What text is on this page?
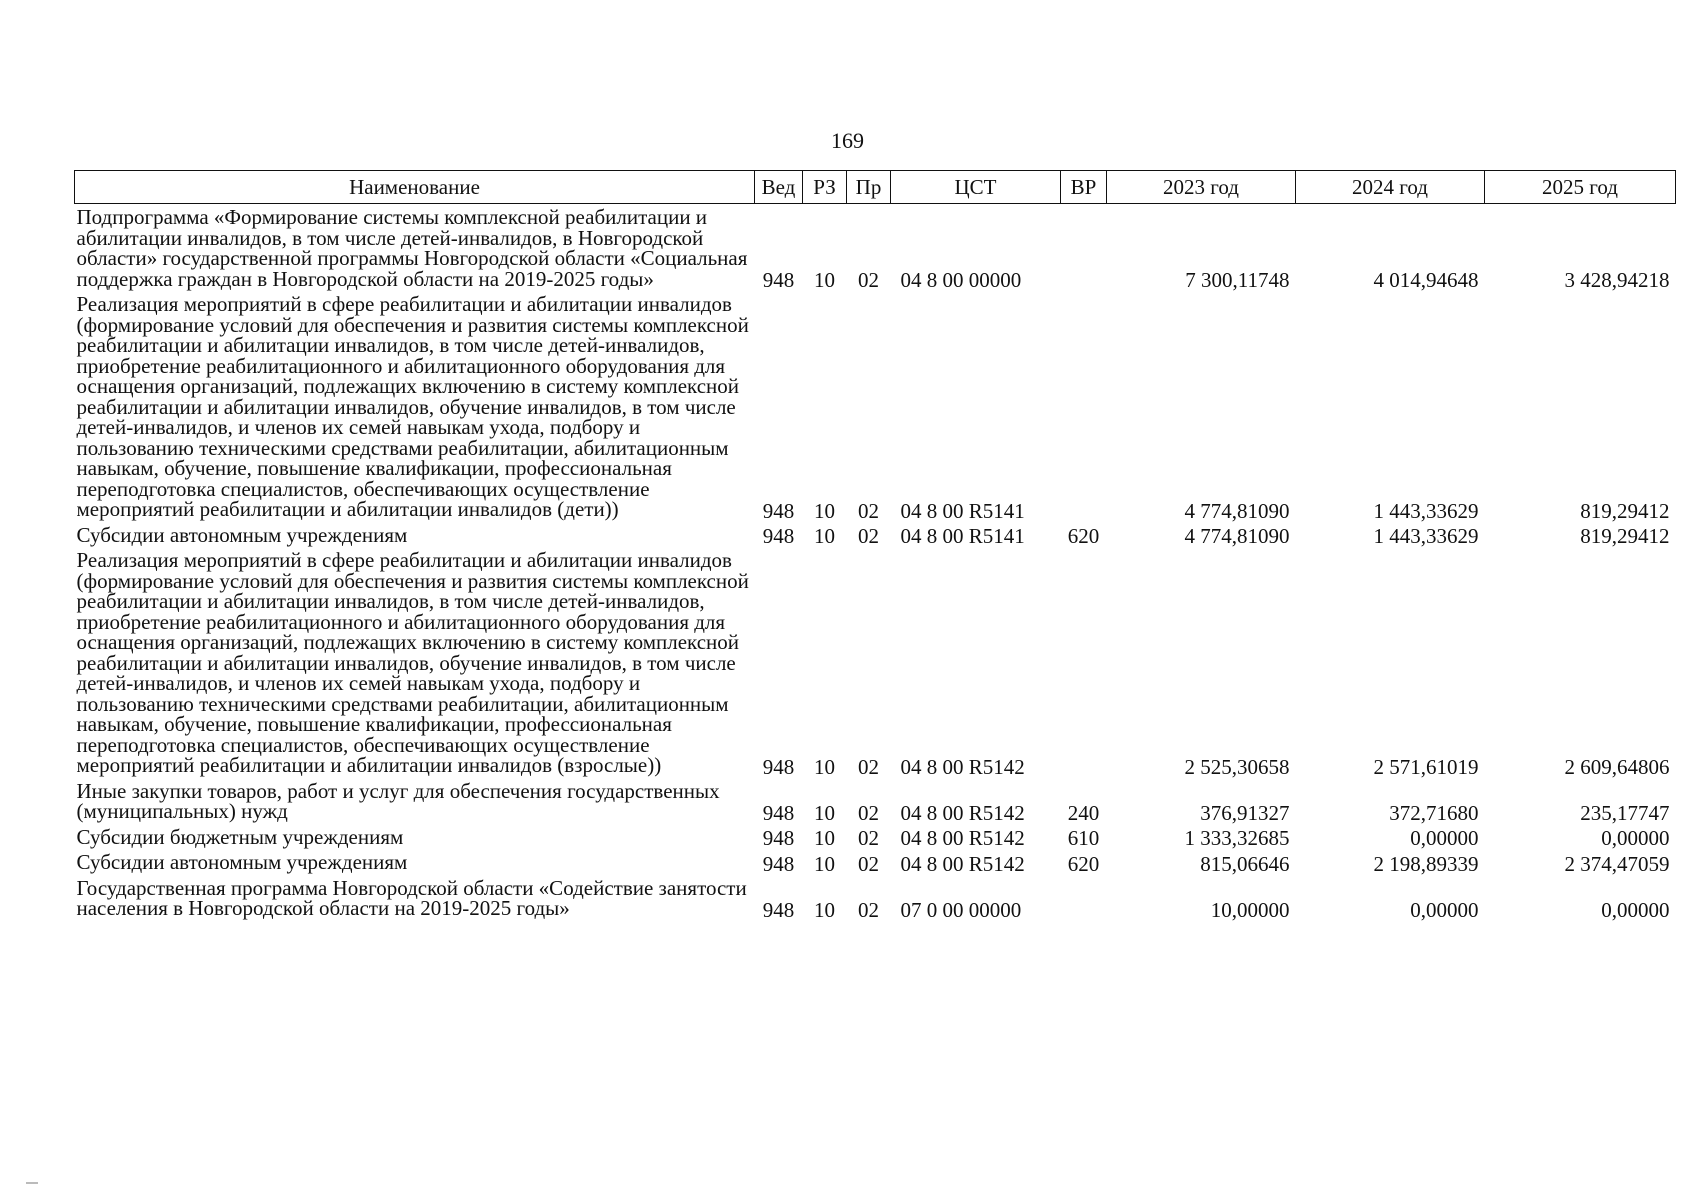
169
Наименование	Вед	РЗ	Пр	ЦСТ	ВР	2023 год	2024 год	2025 год
Подпрограмма «Формирование системы комплексной реабилитации и абилитации инвалидов, в том числе детей-инвалидов, в Новгородской области» государственной программы Новгородской области «Социальная поддержка граждан в Новгородской области на 2019-2025 годы»	948	10	02	04 8 00 00000		7 300,11748	4 014,94648	3 428,94218
Реализация мероприятий в сфере реабилитации и абилитации инвалидов (формирование условий для обеспечения и развития системы комплексной реабилитации и абилитации инвалидов, в том числе детей-инвалидов, приобретение реабилитационного и абилитационного оборудования для оснащения организаций, подлежащих включению в систему комплексной реабилитации и абилитации инвалидов, обучение инвалидов, в том числе детей-инвалидов, и членов их семей навыкам ухода, подбору и пользованию техническими средствами реабилитации, абилитационным навыкам, обучение, повышение квалификации, профессиональная переподготовка специалистов, обеспечивающих осуществление мероприятий реабилитации и абилитации инвалидов (дети))	948	10	02	04 8 00 R5141		4 774,81090	1 443,33629	819,29412
Субсидии автономным учреждениям	948	10	02	04 8 00 R5141	620	4 774,81090	1 443,33629	819,29412
Реализация мероприятий в сфере реабилитации и абилитации инвалидов (формирование условий для обеспечения и развития системы комплексной реабилитации и абилитации инвалидов, в том числе детей-инвалидов, приобретение реабилитационного и абилитационного оборудования для оснащения организаций, подлежащих включению в систему комплексной реабилитации и абилитации инвалидов, обучение инвалидов, в том числе детей-инвалидов, и членов их семей навыкам ухода, подбору и пользованию техническими средствами реабилитации, абилитационным навыкам, обучение, повышение квалификации, профессиональная переподготовка специалистов, обеспечивающих осуществление мероприятий реабилитации и абилитации инвалидов (взрослые))	948	10	02	04 8 00 R5142		2 525,30658	2 571,61019	2 609,64806
Иные закупки товаров, работ и услуг для обеспечения государственных (муниципальных) нужд	948	10	02	04 8 00 R5142	240	376,91327	372,71680	235,17747
Субсидии бюджетным учреждениям	948	10	02	04 8 00 R5142	610	1 333,32685	0,00000	0,00000
Субсидии автономным учреждениям	948	10	02	04 8 00 R5142	620	815,06646	2 198,89339	2 374,47059
Государственная программа Новгородской области «Содействие занятости населения в Новгородской области на 2019-2025 годы»	948	10	02	07 0 00 00000		10,00000	0,00000	0,00000
